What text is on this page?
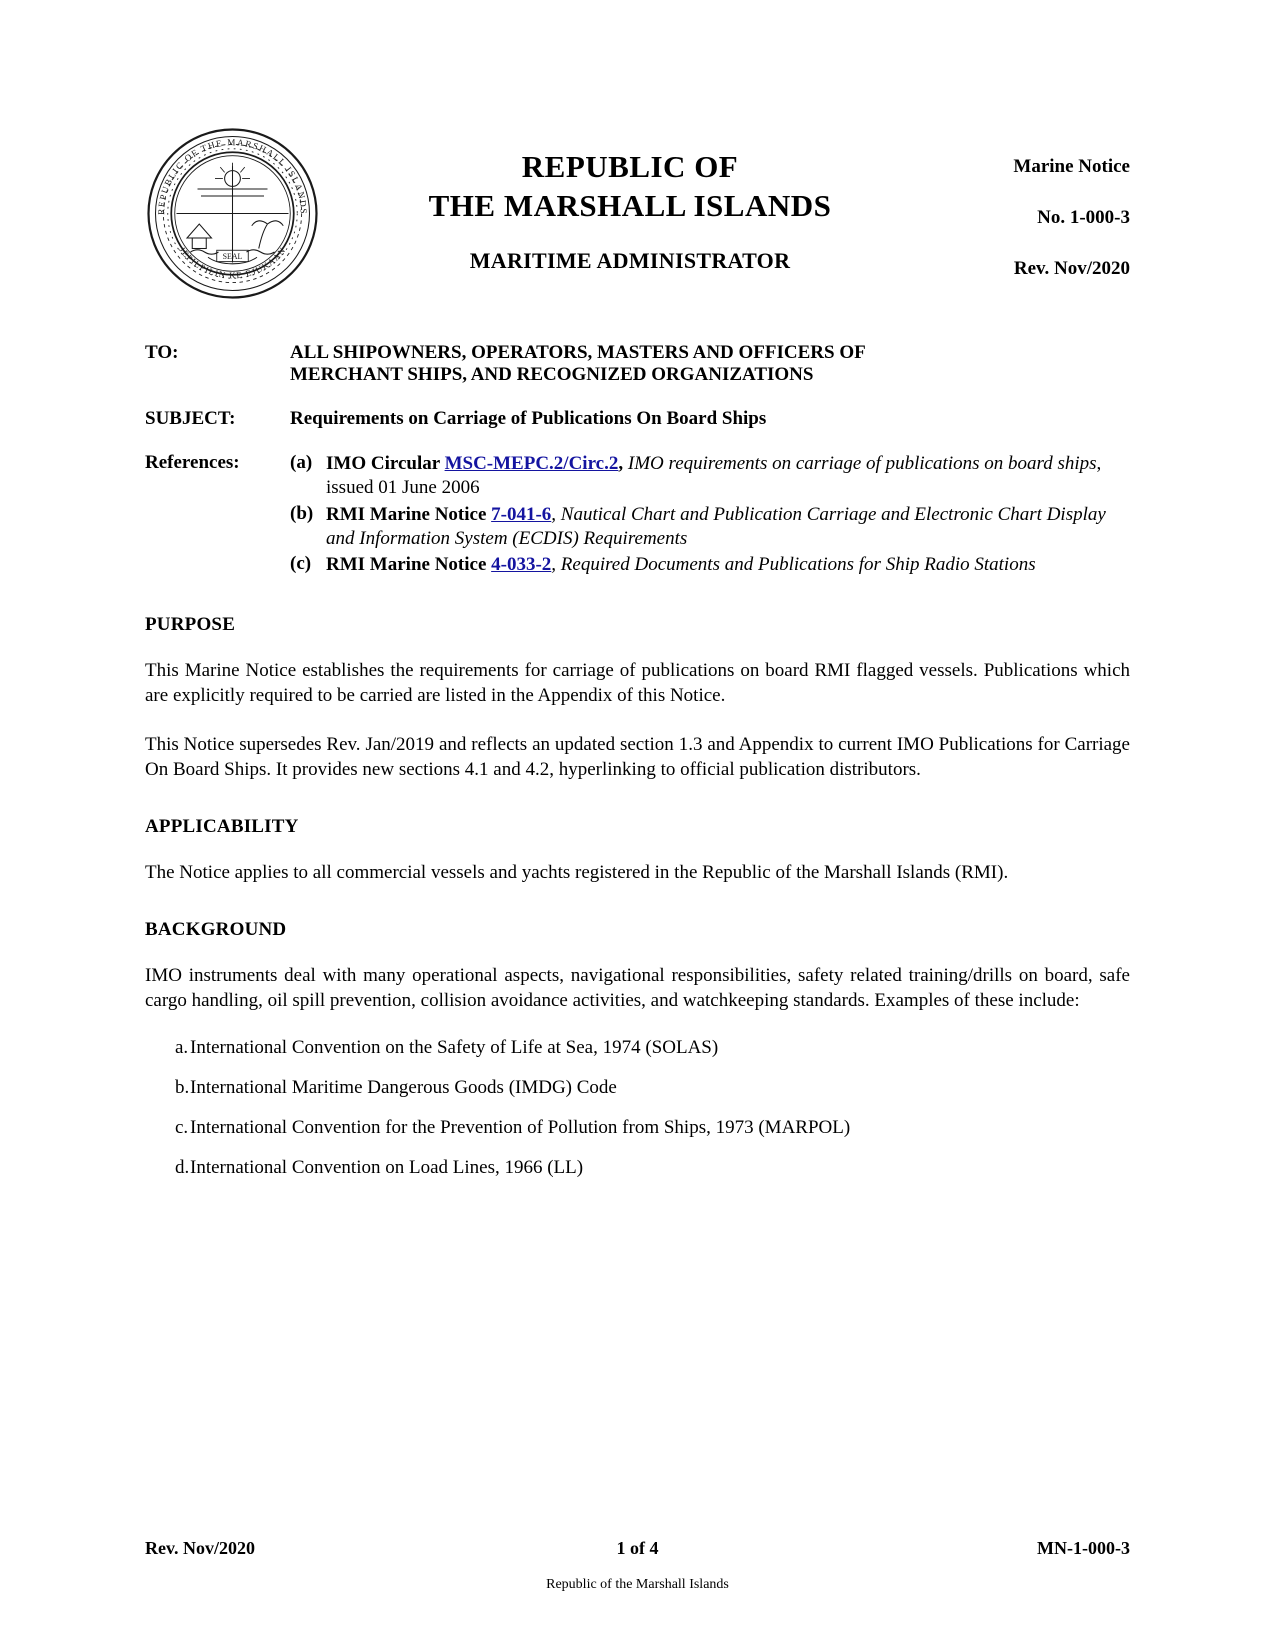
SEAL
REPUBLIC OF THE MARSHALL ISLANDS
JEPILPILIN KE EJUKAAN
REPUBLIC OF
THE MARSHALL ISLANDS
MARITIME ADMINISTRATOR
Marine Notice
No. 1-000-3
Rev. Nov/2020
TO:	ALL SHIPOWNERS, OPERATORS, MASTERS AND OFFICERS OF
MERCHANT SHIPS, AND RECOGNIZED ORGANIZATIONS
SUBJECT:	Requirements on Carriage of Publications On Board Ships
References:	(a) IMO Circular MSC-MEPC.2/Circ.2, IMO requirements on carriage of publications on board ships, issued 01 June 2006
(b) RMI Marine Notice 7-041-6, Nautical Chart and Publication Carriage and Electronic Chart Display and Information System (ECDIS) Requirements
(c) RMI Marine Notice 4-033-2, Required Documents and Publications for Ship Radio Stations
PURPOSE

This Marine Notice establishes the requirements for carriage of publications on board RMI flagged vessels. Publications which are explicitly required to be carried are listed in the Appendix of this Notice.

This Notice supersedes Rev. Jan/2019 and reflects an updated section 1.3 and Appendix to current IMO Publications for Carriage On Board Ships. It provides new sections 4.1 and 4.2, hyperlinking to official publication distributors.

APPLICABILITY

The Notice applies to all commercial vessels and yachts registered in the Republic of the Marshall Islands (RMI).

BACKGROUND

IMO instruments deal with many operational aspects, navigational responsibilities, safety related training/drills on board, safe cargo handling, oil spill prevention, collision avoidance activities, and watchkeeping standards. Examples of these include:

a. International Convention on the Safety of Life at Sea, 1974 (SOLAS)
b. International Maritime Dangerous Goods (IMDG) Code
c. International Convention for the Prevention of Pollution from Ships, 1973 (MARPOL)
d. International Convention on Load Lines, 1966 (LL)
Rev. Nov/2020	1 of 4	MN-1-000-3
Republic of the Marshall Islands
